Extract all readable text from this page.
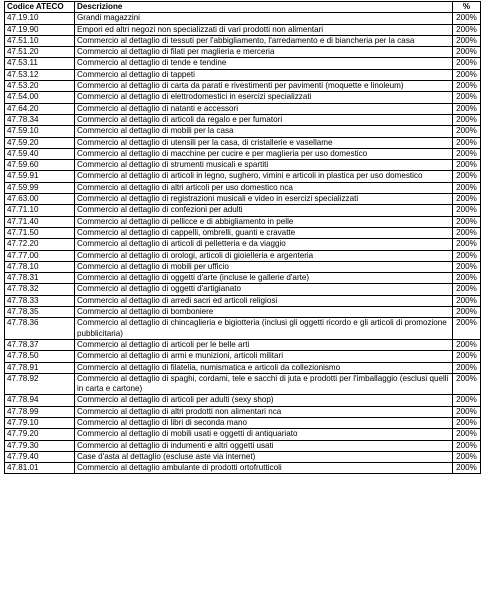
Codice ATECO	Descrizione	%
47.19.10	Grandi magazzini	200%
47.19.90	Empori ed altri negozi non specializzati di vari prodotti non alimentari	200%
47.51.10	Commercio al dettaglio di tessuti per l'abbigliamento, l'arredamento e di biancheria per la casa	200%
47.51.20	Commercio al dettaglio di filati per maglieria e merceria	200%
47.53.11	Commercio al dettaglio di tende e tendine	200%
47.53.12	Commercio al dettaglio di tappeti	200%
47.53.20	Commercio al dettaglio di carta da parati e rivestimenti per pavimenti (moquette e linoleum)	200%
47.54.00	Commercio al dettaglio di elettrodomestici in esercizi specializzati	200%
47.64.20	Commercio al dettaglio di natanti e accessori	200%
47.78.34	Commercio al dettaglio di articoli da regalo e per fumatori	200%
47.59.10	Commercio al dettaglio di mobili per la casa	200%
47.59.20	Commercio al dettaglio di utensili per la casa, di cristallerie e vasellame	200%
47.59.40	Commercio al dettaglio di macchine per cucire e per maglieria per uso domestico	200%
47.59.60	Commercio al dettaglio di strumenti musicali e spartiti	200%
47.59.91	Commercio al dettaglio di articoli in legno, sughero, vimini e articoli in plastica per uso domestico	200%
47.59.99	Commercio al dettaglio di altri articoli per uso domestico nca	200%
47.63.00	Commercio al dettaglio di registrazioni musicali e video in esercizi specializzati	200%
47.71.10	Commercio al dettaglio di confezioni per adulti	200%
47.71.40	Commercio al dettaglio di pellicce e di abbigliamento in pelle	200%
47.71.50	Commercio al dettaglio di cappelli, ombrelli, guanti e cravatte	200%
47.72.20	Commercio al dettaglio di articoli di pelletteria e da viaggio	200%
47.77.00	Commercio al dettaglio di orologi, articoli di gioielleria e argenteria	200%
47.78.10	Commercio al dettaglio di mobili per ufficio	200%
47.78.31	Commercio al dettaglio di oggetti d'arte (incluse le gallerie d'arte)	200%
47.78.32	Commercio al dettaglio di oggetti d'artigianato	200%
47.78.33	Commercio al dettaglio di arredi sacri ed articoli religiosi	200%
47.78.35	Commercio al dettaglio di bomboniere	200%
47.78.36	Commercio al dettaglio di chincaglieria e bigiotteria (inclusi gli oggetti ricordo e gli articoli di promozione pubblicitaria)	200%
47.78.37	Commercio al dettaglio di articoli per le belle arti	200%
47.78.50	Commercio al dettaglio di armi e munizioni, articoli militari	200%
47.78.91	Commercio al dettaglio di filatelia, numismatica e articoli da collezionismo	200%
47.78.92	Commercio al dettaglio di spaghi, cordami, tele e sacchi di juta e prodotti per l'imballaggio (esclusi quelli in carta e cartone)	200%
47.78.94	Commercio al dettaglio di articoli per adulti (sexy shop)	200%
47.78.99	Commercio al dettaglio di altri prodotti non alimentari nca	200%
47.79.10	Commercio al dettaglio di libri di seconda mano	200%
47.79.20	Commercio al dettaglio di mobili usati e oggetti di antiquariato	200%
47.79.30	Commercio al dettaglio di indumenti e altri oggetti usati	200%
47.79.40	Case d'asta al dettaglio (escluse aste via internet)	200%
47.81.01	Commercio al dettaglio ambulante di prodotti ortofrutticoli	200%
